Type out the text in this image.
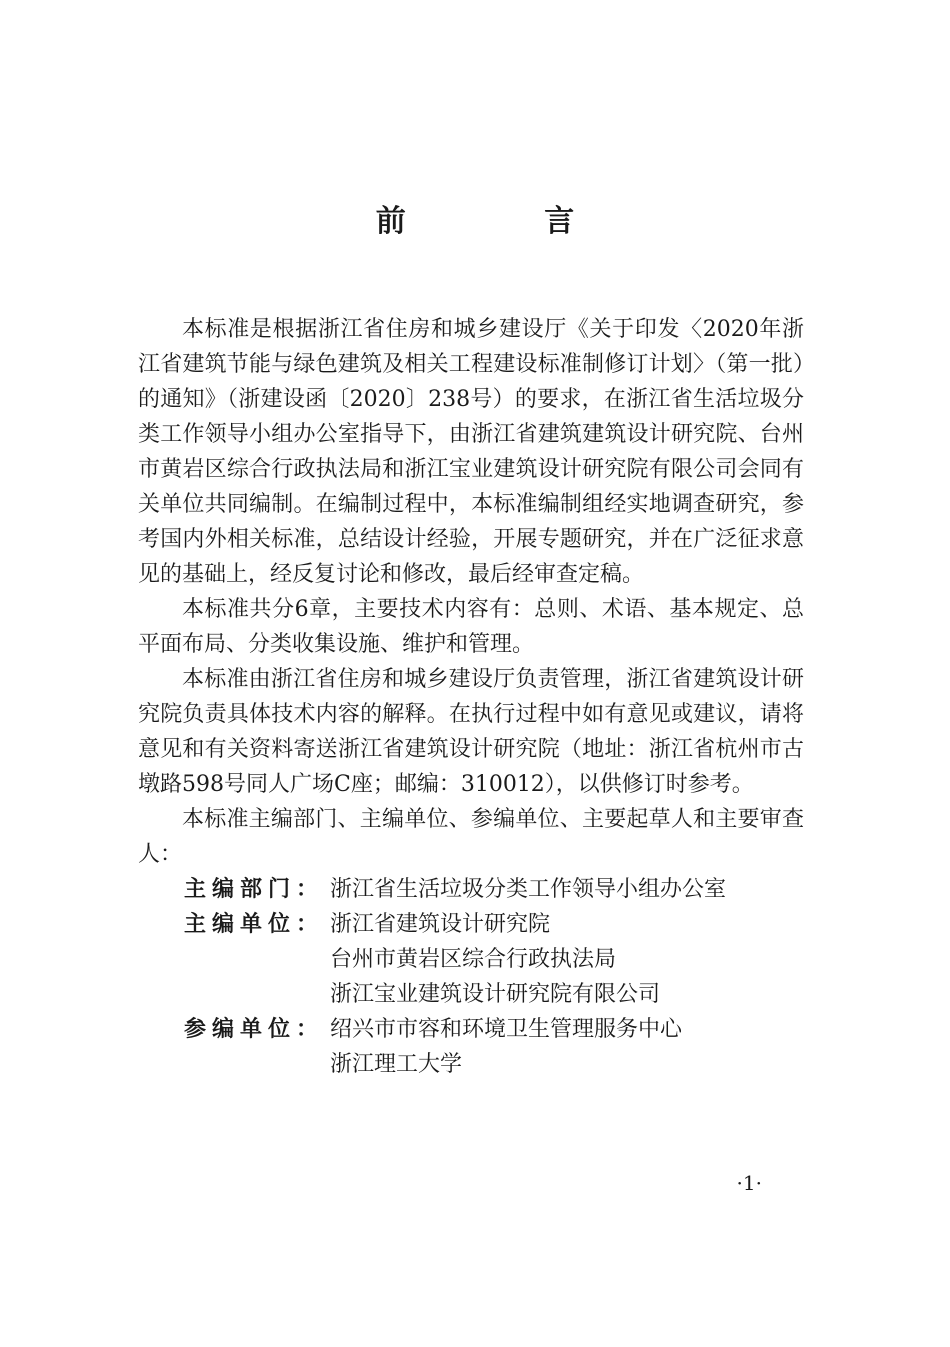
前 言

本标准是根据浙江省住房和城乡建设厅《关于印发〈2020年浙江省建筑节能与绿色建筑及相关工程建设标准制修订计划〉（第一批）的通知》（浙建设函〔2020〕238号）的要求，在浙江省生活垃圾分类工作领导小组办公室指导下，由浙江省建筑建筑设计研究院、台州市黄岩区综合行政执法局和浙江宝业建筑设计研究院有限公司会同有关单位共同编制。在编制过程中，本标准编制组经实地调查研究，参考国内外相关标准，总结设计经验，开展专题研究，并在广泛征求意见的基础上，经反复讨论和修改，最后经审查定稿。

本标准共分6章，主要技术内容有：总则、术语、基本规定、总平面布局、分类收集设施、维护和管理。

本标准由浙江省住房和城乡建设厅负责管理，浙江省建筑设计研究院负责具体技术内容的解释。在执行过程中如有意见或建议，请将意见和有关资料寄送浙江省建筑设计研究院（地址：浙江省杭州市古墩路598号同人广场C座；邮编：310012），以供修订时参考。

本标准主编部门、主编单位、参编单位、主要起草人和主要审查人：

主编部门： 浙江省生活垃圾分类工作领导小组办公室
主编单位： 浙江省建筑设计研究院
台州市黄岩区综合行政执法局
浙江宝业建筑设计研究院有限公司
参编单位： 绍兴市市容和环境卫生管理服务中心
浙江理工大学
·1·
